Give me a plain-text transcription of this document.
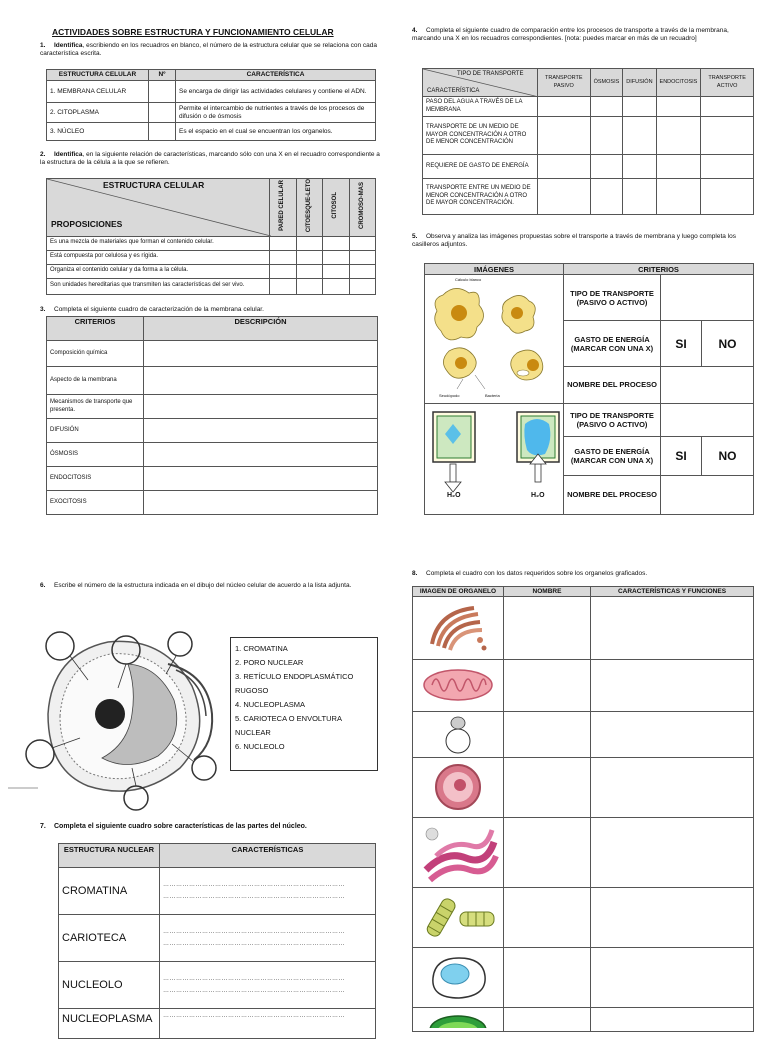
ACTIVIDADES SOBRE ESTRUCTURA Y FUNCIONAMIENTO CELULAR
1. Identifica, escribiendo en los recuadros en blanco, el número de la estructura celular que se relaciona con cada característica escrita.
ESTRUCTURA CELULAR	Nº	CARACTERÍSTICA
1. MEMBRANA CELULAR		Se encarga de dirigir las actividades celulares y contiene el ADN.
2. CITOPLASMA		Permite el intercambio de nutrientes a través de los procesos de difusión o de ósmosis
3. NÚCLEO		Es el espacio en el cual se encuentran los organelos.
2. Identifica, en la siguiente relación de características, marcando sólo con una X en el recuadro correspondiente a la estructura de la célula a la que se refieren.
ESTRUCTURA CELULAR
PROPOSICIONES	PARED CELULAR	CITOESQUE-LETO	CITOSOL	CROMOSO-MAS
Es una mezcla de materiales que forman el contenido celular.				
Está compuesta por celulosa y es rígida.				
Organiza el contenido celular y da forma a la célula.				
Son unidades hereditarias que transmiten las características del ser vivo.				
3. Completa el siguiente cuadro de caracterización de la membrana celular.
CRITERIOS	DESCRIPCIÓN
Composición química	
Aspecto de la membrana	
Mecanismos de transporte que presenta.	
DIFUSIÓN	
ÓSMOSIS	
ENDOCITOSIS	
EXOCITOSIS	
4. Completa el siguiente cuadro de comparación entre los procesos de transporte a través de la membrana, marcando una X en los recuadros correspondientes. [nota: puedes marcar en más de un recuadro]
TIPO DE TRANSPORTE
CARACTERÍSTICA	TRANSPORTE PASIVO	ÓSMOSIS	DIFUSIÓN	ENDOCITOSIS	TRANSPORTE ACTIVO
PASO DEL AGUA A TRAVÉS DE LA MEMBRANA					
TRANSPORTE DE UN MEDIO DE MAYOR CONCENTRACIÓN A OTRO DE MENOR CONCENTRACIÓN					
REQUIERE DE GASTO DE ENERGÍA					
TRANSPORTE ENTRE UN MEDIO DE MENOR CONCENTRACIÓN A OTRO DE MAYOR CONCENTRACIÓN.					
5. Observa y analiza las imágenes propuestas sobre el transporte a través de membrana y luego completa los casilleros adjuntos.
IMÁGENES	CRITERIOS		

Cálculo blanco
Seudópodo Bacteria	TIPO DE TRANSPORTE (PASIVO O ACTIVO)		
	GASTO DE ENERGÍA (MARCAR CON UNA X)	SI	NO
	NOMBRE DEL PROCESO		

H₂O H₂O	TIPO DE TRANSPORTE (PASIVO O ACTIVO)		
	GASTO DE ENERGÍA (MARCAR CON UNA X)	SI	NO
	NOMBRE DEL PROCESO		
6. Escribe el número de la estructura indicada en el dibujo del núcleo celular de acuerdo a la lista adjunta.
1. CROMATINA
2. PORO NUCLEAR
3. RETÍCULO ENDOPLASMÁTICO RUGOSO
4. NUCLEOPLASMA
5. CARIOTECA O ENVOLTURA NUCLEAR
6. NUCLEOLO
7. Completa el siguiente cuadro sobre características de las partes del núcleo.
ESTRUCTURA NUCLEAR	CARACTERÍSTICAS
CROMATINA	…………………………………………………………………………
…………………………………………………………………………

CARIOTECA	…………………………………………………………………………
…………………………………………………………………………

NUCLEOLO	…………………………………………………………………………
…………………………………………………………………………

NUCLEOPLASMA	…………………………………………………………………………
8. Completa el cuadro con los datos requeridos sobre los organelos graficados.
IMAGEN DE ORGANELO	NOMBRE	CARACTERÍSTICAS Y FUNCIONES
